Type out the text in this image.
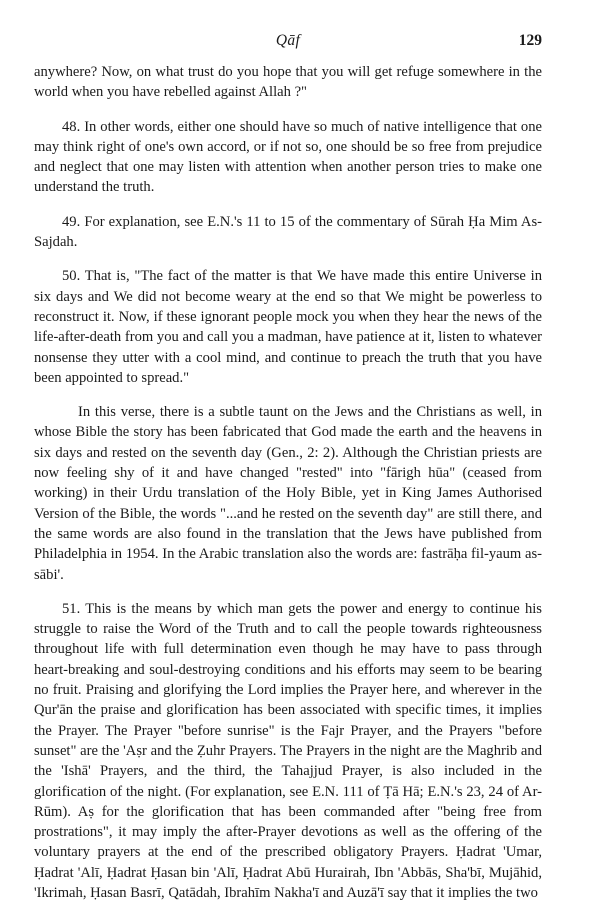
Qāf	129

anywhere? Now, on what trust do you hope that you will get refuge somewhere in the world when you have rebelled against Allah ?"

48. In other words, either one should have so much of native intelligence that one may think right of one's own accord, or if not so, one should be so free from prejudice and neglect that one may listen with attention when another person tries to make one understand the truth.

49. For explanation, see E.N.'s 11 to 15 of the commentary of Sūrah Ḥa Mim As-Sajdah.

50. That is, "The fact of the matter is that We have made this entire Universe in six days and We did not become weary at the end so that We might be powerless to reconstruct it. Now, if these ignorant people mock you when they hear the news of the life-after-death from you and call you a madman, have patience at it, listen to whatever nonsense they utter with a cool mind, and continue to preach the truth that you have been appointed to spread."

In this verse, there is a subtle taunt on the Jews and the Christians as well, in whose Bible the story has been fabricated that God made the earth and the heavens in six days and rested on the seventh day (Gen., 2: 2). Although the Christian priests are now feeling shy of it and have changed "rested" into "fārigh hūa" (ceased from working) in their Urdu translation of the Holy Bible, yet in King James Authorised Version of the Bible, the words "...and he rested on the seventh day" are still there, and the same words are also found in the translation that the Jews have published from Philadelphia in 1954. In the Arabic translation also the words are: fastrāḥa fil-yaum as-sābi'.

51. This is the means by which man gets the power and energy to continue his struggle to raise the Word of the Truth and to call the people towards righteousness throughout life with full determination even though he may have to pass through heart-breaking and soul-destroying conditions and his efforts may seem to be bearing no fruit. Praising and glorifying the Lord implies the Prayer here, and wherever in the Qur'ān the praise and glorification has been associated with specific times, it implies the Prayer. The Prayer "before sunrise" is the Fajr Prayer, and the Prayers "before sunset" are the 'Aṣr and the Ẓuhr Prayers. The Prayers in the night are the Maghrib and the 'Ishā' Prayers, and the third, the Tahajjud Prayer, is also included in the glorification of the night. (For explanation, see E.N. 111 of Ṭā Hā; E.N.'s 23, 24 of Ar-Rūm). Aṣ for the glorification that has been commanded after "being free from prostrations", it may imply the after-Prayer devotions as well as the offering of the voluntary prayers at the end of the prescribed obligatory Prayers. Ḥadrat 'Umar, Ḥadrat 'Alī, Ḥadrat Ḥasan bin 'Alī, Ḥadrat Abū Hurairah, Ibn 'Abbās, Sha'bī, Mujāhid, 'Ikrimah, Ḥasan Basrī, Qatādah, Ibrahīm Nakha'ī and Auzā'ī say that it implies the two
